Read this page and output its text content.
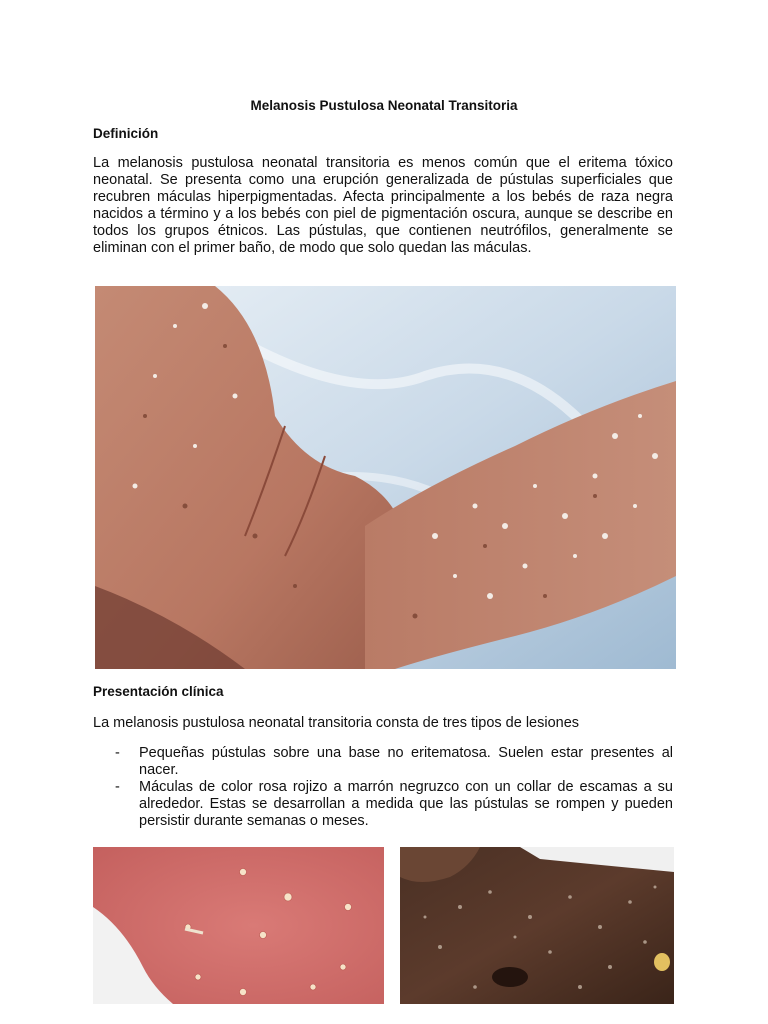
Melanosis Pustulosa Neonatal Transitoria
Definición

La melanosis pustulosa neonatal transitoria es menos común que el eritema tóxico neonatal. Se presenta como una erupción generalizada de pústulas superficiales que recubren máculas hiperpigmentadas. Afecta principalmente a los bebés de raza negra nacidos a término y a los bebés con piel de pigmentación oscura, aunque se describe en todos los grupos étnicos. Las pústulas, que contienen neutrófilos, generalmente se eliminan con el primer baño, de modo que solo quedan las máculas.

Presentación clínica

La melanosis pustulosa neonatal transitoria consta de tres tipos de lesiones

- Pequeñas pústulas sobre una base no eritematosa. Suelen estar presentes al nacer.
- Máculas de color rosa rojizo a marrón negruzco con un collar de escamas a su alrededor. Estas se desarrollan a medida que las pústulas se rompen y pueden persistir durante semanas o meses.
